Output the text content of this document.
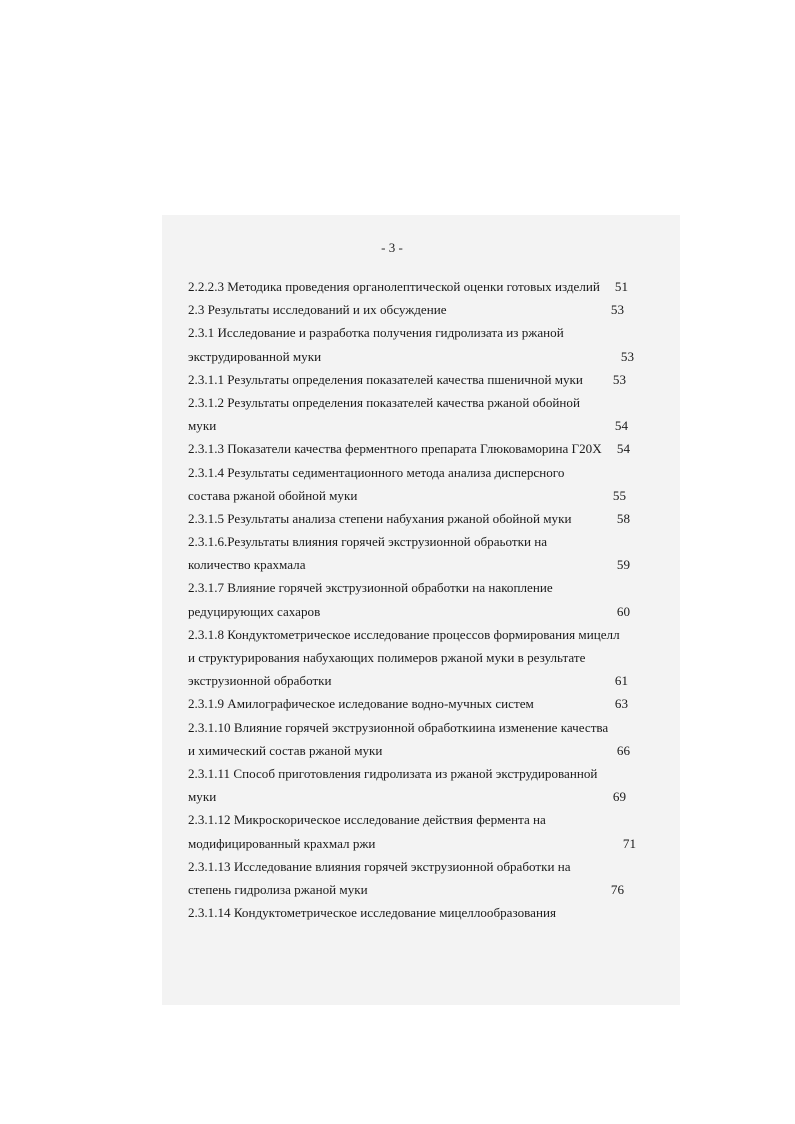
- 3 -
2.2.2.3 Методика проведения органолептической оценки готовых изделий 51
2.3 Результаты исследований и их обсуждение	53
2.3.1 Исследование и разработка получения гидролизата из ржаной
экструдированной муки	53
2.3.1.1 Результаты определения показателей качества пшеничной муки 53
2.3.1.2 Результаты определения показателей качества ржаной обойной
муки	54
2.3.1.3 Показатели качества ферментного препарата Глюковаморина Г20Х 54
2.3.1.4 Результаты седиментационного метода анализа дисперсного
состава ржаной обойной муки	55
2.3.1.5 Результаты анализа степени набухания ржаной обойной муки	58
2.3.1.6.Результаты влияния горячей экструзионной обраьотки на
количество крахмала	59
2.3.1.7 Влияние горячей экструзионной обработки на накопление
редуцирующих сахаров	60
2.3.1.8 Кондуктометрическое исследование процессов формирования мицелл
и структурирования набухающих полимеров ржаной муки в результате
экструзионной обработки	61
2.3.1.9 Амилографическое иследование водно-мучных систем	63
2.3.1.10 Влияние горячей экструзионной обработкиина изменение качества
и химический состав ржаной муки	66
2.3.1.11 Способ приготовления гидролизата из ржаной экструдированной
муки	69
2.3.1.12 Микроскорическое исследование действия фермента на
модифицированный крахмал ржи	71
2.3.1.13 Исследование влияния горячей экструзионной обработки на
степень гидролиза ржаной муки	76
2.3.1.14 Кондуктометрическое исследование мицеллообразования
